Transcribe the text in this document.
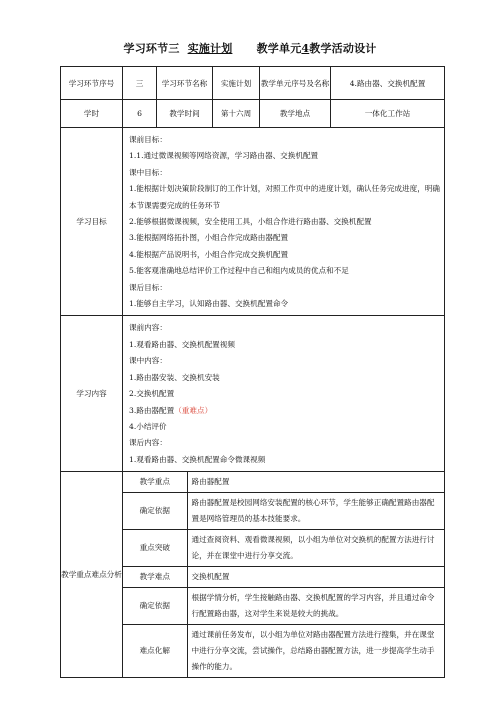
学习环节三 实施计划 教学单元4教学活动设计
学习环节序号	三	学习环节名称	实施计划	教学单元序号及名称	4.路由器、交换机配置
学时	6	教学时间	第十六周	教学地点	一体化工作站
学习目标	
课前目标：
1.1.通过微课视频等网络资源，学习路由器、交换机配置
课中目标：
1.能根据计划决策阶段制订的工作计划，对照工作页中的进度计划，确认任务完成进度，明确本节课需要完成的任务环节
2.能够根据微课视频，安全使用工具，小组合作进行路由器、交换机配置
3.能根据网络拓扑图，小组合作完成路由器配置
4.能根据产品说明书，小组合作完成交换机配置
5.能客观准确地总结评价工作过程中自己和组内成员的优点和不足
课后目标：
1.能够自主学习，认知路由器、交换机配置命令

学习内容	
课前内容：
1.观看路由器、交换机配置视频
课中内容：
1.路由器安装、交换机安装
2.交换机配置
3.路由器配置（重难点）
4.小结评价
课后内容：
1.观看路由器、交换机配置命令微课视频

教学重点难点分析	
教学重点	路由器配置
确定依据	路由器配置是校园网络安装配置的核心环节，学生能够正确配置路由器配置是网络管理员的基本技能要求。
重点突破	通过查阅资料、观看微课视频，以小组为单位对交换机的配置方法进行讨论，并在课堂中进行分享交流。
教学难点	交换机配置
确定依据	根据学情分析，学生接触路由器、交换机配置的学习内容，并且通过命令行配置路由器，这对学生来说是较大的挑战。
难点化解	通过课前任务发布，以小组为单位对路由器配置方法进行搜集，并在课堂中进行分享交流，尝试操作，总结路由器配置方法，进一步提高学生动手操作的能力。
